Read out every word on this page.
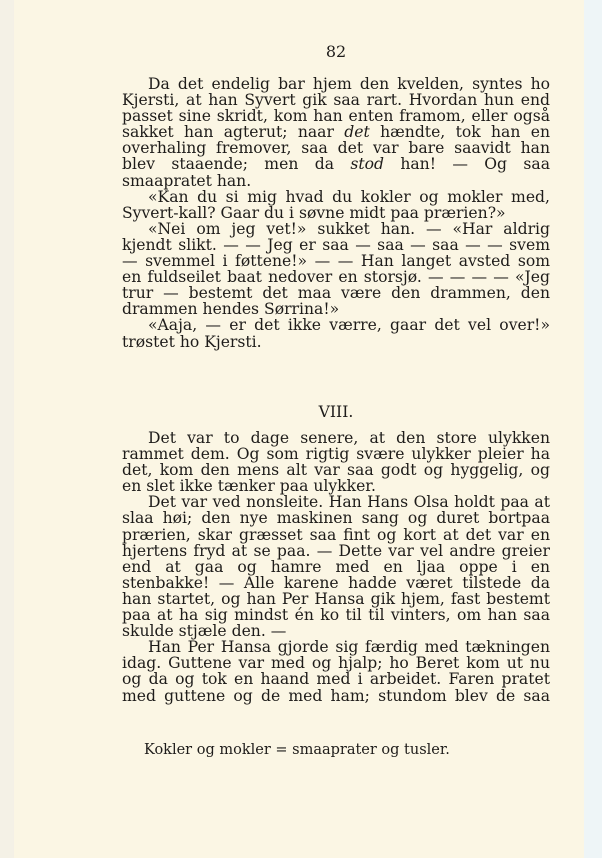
82

Da det endelig bar hjem den kvelden, syntes ho Kjersti, at han Syvert gik saa rart. Hvordan hun end passet sine skridt, kom han enten framom, eller også sakket han agterut; naar det hændte, tok han en overhaling fremover, saa det var bare saavidt han blev staaende; men da stod han! — Og saa smaapratet han.

«Kan du si mig hvad du kokler og mokler med, Syvert-kall? Gaar du i søvne midt paa prærien?»

«Nei om jeg vet!» sukket han. — «Har aldrig kjendt slikt. — — Jeg er saa — saa — saa — — svem — svemmel i føttene!» — — Han langet avsted som en fuldseilet baat nedover en storsjø. — — — — «Jeg trur — bestemt det maa være den drammen, den drammen hendes Sørrina!»

«Aaja, — er det ikke værre, gaar det vel over!» trøstet ho Kjersti.

VIII.

Det var to dage senere, at den store ulykken rammet dem. Og som rigtig svære ulykker pleier ha det, kom den mens alt var saa godt og hyggelig, og en slet ikke tænker paa ulykker.

Det var ved nonsleite. Han Hans Olsa holdt paa at slaa høi; den nye maskinen sang og duret bortpaa prærien, skar græsset saa fint og kort at det var en hjertens fryd at se paa. — Dette var vel andre greier end at gaa og hamre med en ljaa oppe i en stenbakke! — Alle karene hadde været tilstede da han startet, og han Per Hansa gik hjem, fast bestemt paa at ha sig mindst én ko til til vinters, om han saa skulde stjæle den. —

Han Per Hansa gjorde sig færdig med tækningen idag. Guttene var med og hjalp; ho Beret kom ut nu og da og tok en haand med i arbeidet. Faren pratet med guttene og de med ham; stundom blev de saa

Kokler og mokler = smaaprater og tusler.
